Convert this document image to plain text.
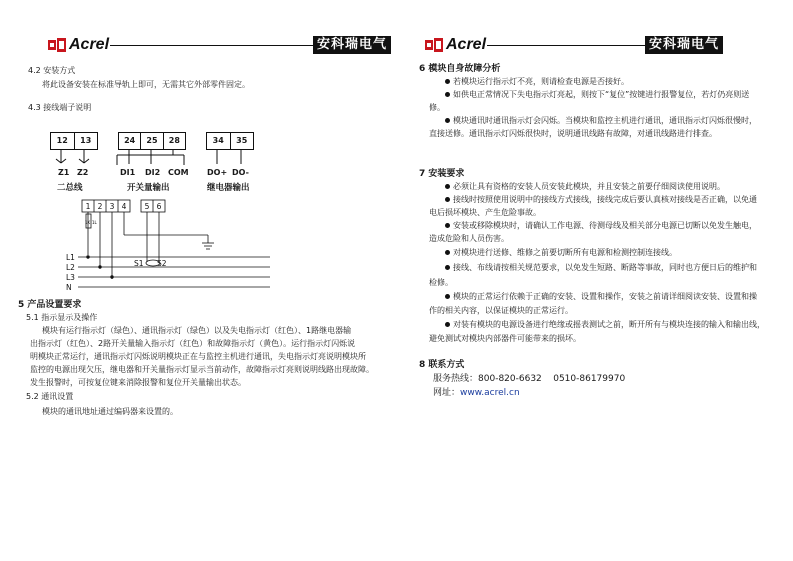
Acrel	安科瑞电气
4.2 安装方式
将此设备安装在标准导轨上即可，无需其它外部零件固定。
4.3 接线端子说明
12	13	24	25	28	34	35
Z1 Z2
二总线
DI1 DI2 COM
开关量输出
DO+ DO-
继电器输出
1K 1L
1 2 3 4 5 6
L1
L2
L3
N
S1 S2
5 产品设置要求
5.1 指示显示及操作
模块有运行指示灯（绿色）、通讯指示灯（绿色）以及失电指示灯（红色）、1路继电器输
出指示灯（红色）、2路开关量输入指示灯（红色）和故障指示灯（黄色）。运行指示灯闪烁说
明模块正常运行，通讯指示灯闪烁说明模块正在与监控主机进行通讯，失电指示灯亮说明模块所
监控的电源出现欠压，继电器和开关量指示灯显示当前动作，故障指示灯亮则说明线路出现故障。
发生报警时，可按复位键来消除报警和复位开关量输出状态。
5.2 通讯设置
模块的通讯地址通过编码器来设置的。
Acrel	安科瑞电气
6 模块自身故障分析
若模块运行指示灯不亮，则请检查电源是否接好。
如供电正常情况下失电指示灯亮起，则按下“复位”按键进行报警复位，若灯仍亮则送
修。
模块通讯时通讯指示灯会闪烁。当模块和监控主机进行通讯，通讯指示灯闪烁很慢时，
直接送修。通讯指示灯闪烁很快时，说明通讯线路有故障，对通讯线路进行排查。
7 安装要求
必须让具有资格的安装人员安装此模块，并且安装之前要仔细阅读使用说明。
接线时按照使用说明中的接线方式接线，接线完成后要认真核对接线是否正确，以免通
电后损坏模块、产生危险事故。
安装或移除模块时，请确认工作电源、待测母线及相关部分电源已切断以免发生触电，
造成危险和人员伤害。
对模块进行送修、维修之前要切断所有电源和检测控制连接线。
接线、布线请按相关规范要求，以免发生短路、断路等事故，同时也方便日后的维护和
检修。
模块的正常运行依赖于正确的安装、设置和操作，安装之前请详细阅读安装、设置和操
作的相关内容，以保证模块的正常运行。
对装有模块的电源设备进行绝缘或摇表测试之前，断开所有与模块连接的输入和输出线，
避免测试对模块内部器件可能带来的损坏。
8 联系方式
服务热线：800-820-6632    0510-86179970
网址：www.acrel.cn
